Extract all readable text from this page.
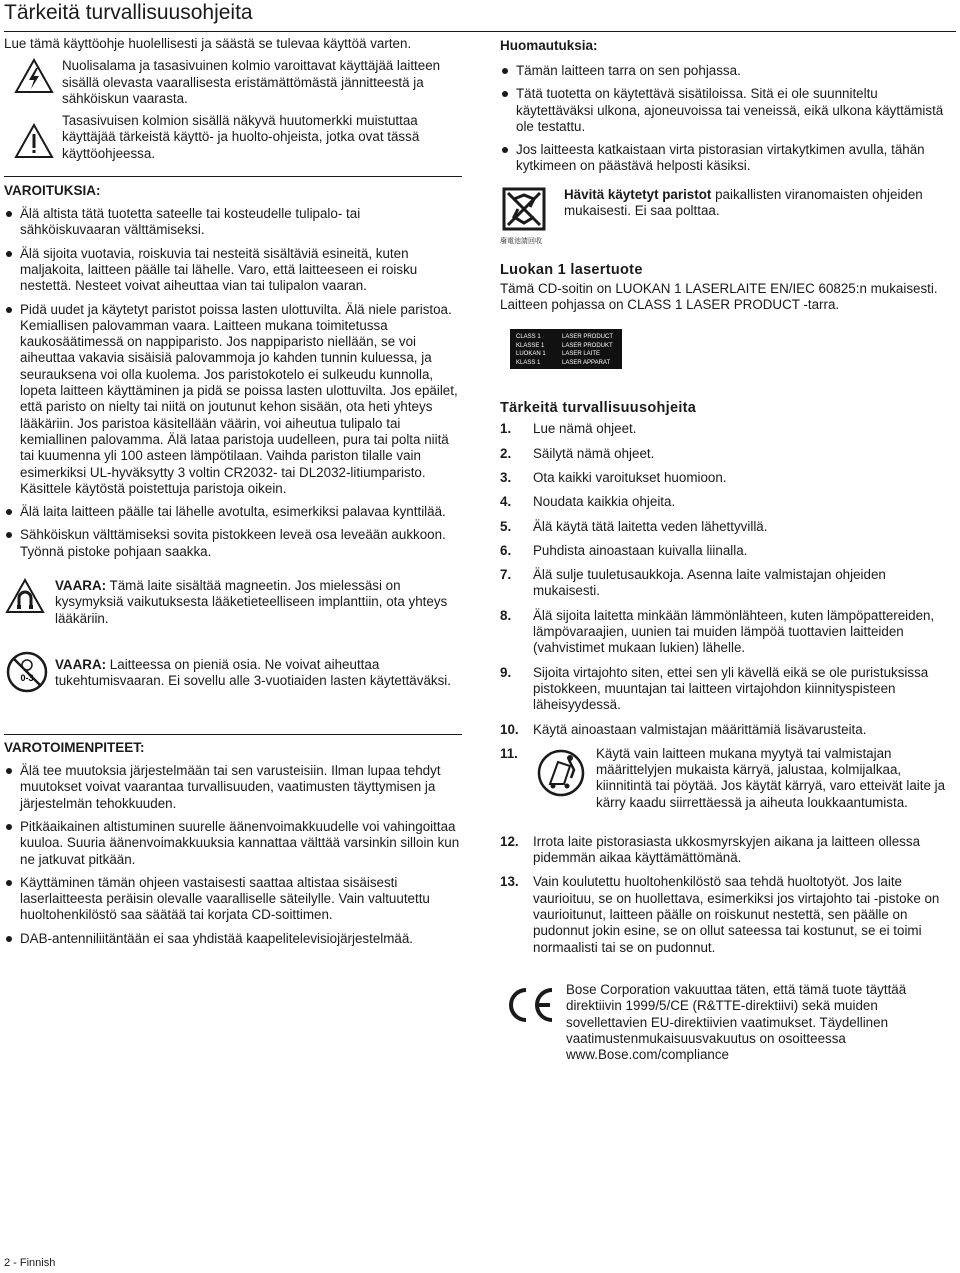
Tärkeitä turvallisuusohjeita

Lue tämä käyttöohje huolellisesti ja säästä se tulevaa käyttöä varten.

Nuolisalama ja tasasivuinen kolmio varoittavat käyttäjää laitteen sisällä olevasta vaarallisesta eristämättömästä jännitteestä ja sähköiskun vaarasta.

Tasasivuisen kolmion sisällä näkyvä huutomerkki muistuttaa käyttäjää tärkeistä käyttö- ja huolto-ohjeista, jotka ovat tässä käyttöohjeessa.

VAROITUKSIA:
Älä altista tätä tuotetta sateelle tai kosteudelle tulipalo- tai sähköiskuvaaran välttämiseksi.
Älä sijoita vuotavia, roiskuvia tai nesteitä sisältäviä esineitä, kuten maljakoita, laitteen päälle tai lähelle. Varo, että laitteeseen ei roisku nestettä. Nesteet voivat aiheuttaa vian tai tulipalon vaaran.
Pidä uudet ja käytetyt paristot poissa lasten ulottuvilta. Älä niele paristoa. Kemiallisen palovamman vaara. Laitteen mukana toimitetussa kaukosäätimessä on nappiparisto. Jos nappiparisto niellään, se voi aiheuttaa vakavia sisäisiä palovammoja jo kahden tunnin kuluessa, ja seurauksena voi olla kuolema. Jos paristokotelo ei sulkeudu kunnolla, lopeta laitteen käyttäminen ja pidä se poissa lasten ulottuvilta. Jos epäilet, että paristo on nielty tai niitä on joutunut kehon sisään, ota heti yhteys lääkäriin. Jos paristoa käsitellään väärin, voi aiheutua tulipalo tai kemiallinen palovamma. Älä lataa paristoja uudelleen, pura tai polta niitä tai kuumenna yli 100 asteen lämpötilaan. Vaihda pariston tilalle vain esimerkiksi UL-hyväksytty 3 voltin CR2032- tai DL2032-litiumparisto. Käsittele käytöstä poistettuja paristoja oikein.
Älä laita laitteen päälle tai lähelle avotulta, esimerkiksi palavaa kynttilää.
Sähköiskun välttämiseksi sovita pistokkeen leveä osa leveään aukkoon. Työnnä pistoke pohjaan saakka.

VAARA: Tämä laite sisältää magneetin. Jos mielessäsi on kysymyksiä vaikutuksesta lääketieteelliseen implanttiin, ota yhteys lääkäriin.

0-3

VAARA: Laitteessa on pieniä osia. Ne voivat aiheuttaa tukehtumisvaaran. Ei sovellu alle 3-vuotiaiden lasten käytettäväksi.

VAROTOIMENPITEET:
Älä tee muutoksia järjestelmään tai sen varusteisiin. Ilman lupaa tehdyt muutokset voivat vaarantaa turvallisuuden, vaatimusten täyttymisen ja järjestelmän tehokkuuden.
Pitkäaikainen altistuminen suurelle äänenvoimakkuudelle voi vahingoittaa kuuloa. Suuria äänenvoimakkuuksia kannattaa välttää varsinkin silloin kun ne jatkuvat pitkään.
Käyttäminen tämän ohjeen vastaisesti saattaa altistaa sisäisesti laserlaitteesta peräisin olevalle vaaralliselle säteilylle. Vain valtuutettu huoltohenkilöstö saa säätää tai korjata CD-soittimen.
DAB-antenniliitäntään ei saa yhdistää kaapelitelevisiojärjestelmää.
Huomautuksia:
Tämän laitteen tarra on sen pohjassa.
Tätä tuotetta on käytettävä sisätiloissa. Sitä ei ole suunniteltu käytettäväksi ulkona, ajoneuvoissa tai veneissä, eikä ulkona käyttämistä ole testattu.
Jos laitteesta katkaistaan virta pistorasian virtakytkimen avulla, tähän kytkimeen on päästävä helposti käsiksi.
廢電池請回收

Hävitä käytetyt paristot paikallisten viranomaisten ohjeiden mukaisesti. Ei saa polttaa.

Luokan 1 lasertuote

Tämä CD-soitin on LUOKAN 1 LASERLAITE EN/IEC 60825:n mukaisesti. Laitteen pohjassa on CLASS 1 LASER PRODUCT -tarra.

CLASS 1	LASER PRODUCT
KLASSE 1	LASER PRODUKT
LUOKAN 1	LASER LAITE
KLASS 1	LASER APPARAT
Tärkeitä turvallisuusohjeita
1. Lue nämä ohjeet.
2. Säilytä nämä ohjeet.
3. Ota kaikki varoitukset huomioon.
4. Noudata kaikkia ohjeita.
5. Älä käytä tätä laitetta veden lähettyvillä.
6. Puhdista ainoastaan kuivalla liinalla.
7. Älä sulje tuuletusaukkoja. Asenna laite valmistajan ohjeiden mukaisesti.
8. Älä sijoita laitetta minkään lämmönlähteen, kuten lämpöpattereiden, lämpövaraajien, uunien tai muiden lämpöä tuottavien laitteiden (vahvistimet mukaan lukien) lähelle.
9. Sijoita virtajohto siten, ettei sen yli kävellä eikä se ole puristuksissa pistokkeen, muuntajan tai laitteen virtajohdon kiinnityspisteen läheisyydessä.
10. Käytä ainoastaan valmistajan määrittämiä lisävarusteita.
11.	Käytä vain laitteen mukana myytyä tai valmistajan määrittelyjen mukaista kärryä, jalustaa, kolmijalkaa, kiinnitintä tai pöytää. Jos käytät kärryä, varo etteivät laite ja kärry kaadu siirrettäessä ja aiheuta loukkaantumista.
12. Irrota laite pistorasiasta ukkosmyrskyjen aikana ja laitteen ollessa pidemmän aikaa käyttämättömänä.
13. Vain koulutettu huoltohenkilöstö saa tehdä huoltotyöt. Jos laite vaurioituu, se on huollettava, esimerkiksi jos virtajohto tai -pistoke on vaurioitunut, laitteen päälle on roiskunut nestettä, sen päälle on pudonnut jokin esine, se on ollut sateessa tai kostunut, se ei toimi normaalisti tai se on pudonnut.

Bose Corporation vakuuttaa täten, että tämä tuote täyttää direktiivin 1999/5/CE (R&TTE-direktiivi) sekä muiden sovellettavien EU-direktiivien vaatimukset. Täydellinen vaatimustenmukaisuusvakuutus on osoitteessa www.Bose.com/compliance

2 - Finnish
